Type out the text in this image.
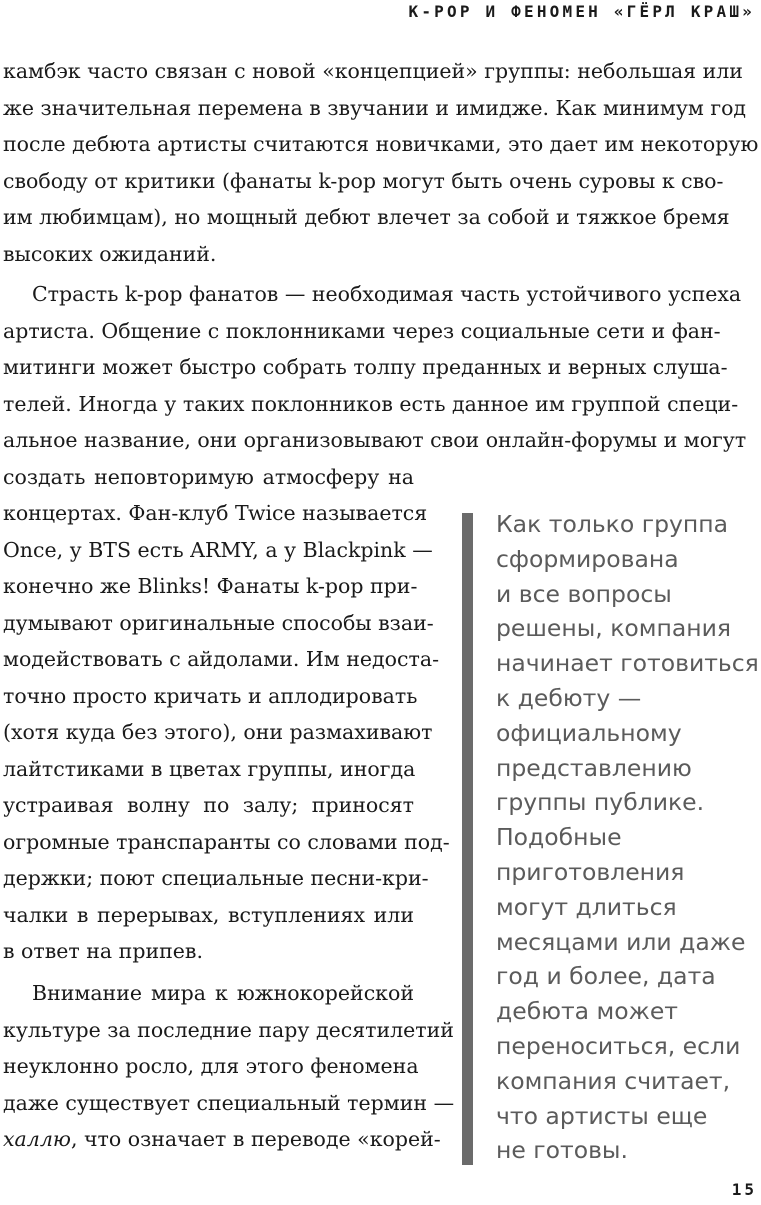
K-POP И ФЕНОМЕН «ГЁРЛ КРАШ»
камбэк часто связан с новой «концепцией» группы: небольшая или
же значительная перемена в звучании и имидже. Как минимум год
после дебюта артисты считаются новичками, это дает им некоторую
свободу от критики (фанаты k-pop могут быть очень суровы к сво-
им любимцам), но мощный дебют влечет за собой и тяжкое бремя
высоких ожиданий.
Страсть k-pop фанатов — необходимая часть устойчивого успеха
артиста. Общение с поклонниками через социальные сети и фан-
митинги может быстро собрать толпу преданных и верных слуша-
телей. Иногда у таких поклонников есть данное им группой специ-
альное название, они организовывают свои онлайн-форумы и могут
создать неповторимую атмосферу на
концертах. Фан-клуб Twice называется
Once, у BTS есть ARMY, а у Blackpink —
конечно же Blinks! Фанаты k-pop при-
думывают оригинальные способы взаи-
модействовать с айдолами. Им недоста-
точно просто кричать и аплодировать
(хотя куда без этого), они размахивают
лайтстиками в цветах группы, иногда
устраивая волну по залу; приносят
огромные транспаранты со словами под-
держки; поют специальные песни-кри-
чалки в перерывах, вступлениях или
в ответ на припев.
Внимание мира к южнокорейской
культуре за последние пару десятилетий
неуклонно росло, для этого феномена
даже существует специальный термин —
халлю, что означает в переводе «корей-
Как только группа
сформирована
и все вопросы
решены, компания
начинает готовиться
к дебюту —
официальному
представлению
группы публике.
Подобные
приготовления
могут длиться
месяцами или даже
год и более, дата
дебюта может
переноситься, если
компания считает,
что артисты еще
не готовы.
15
